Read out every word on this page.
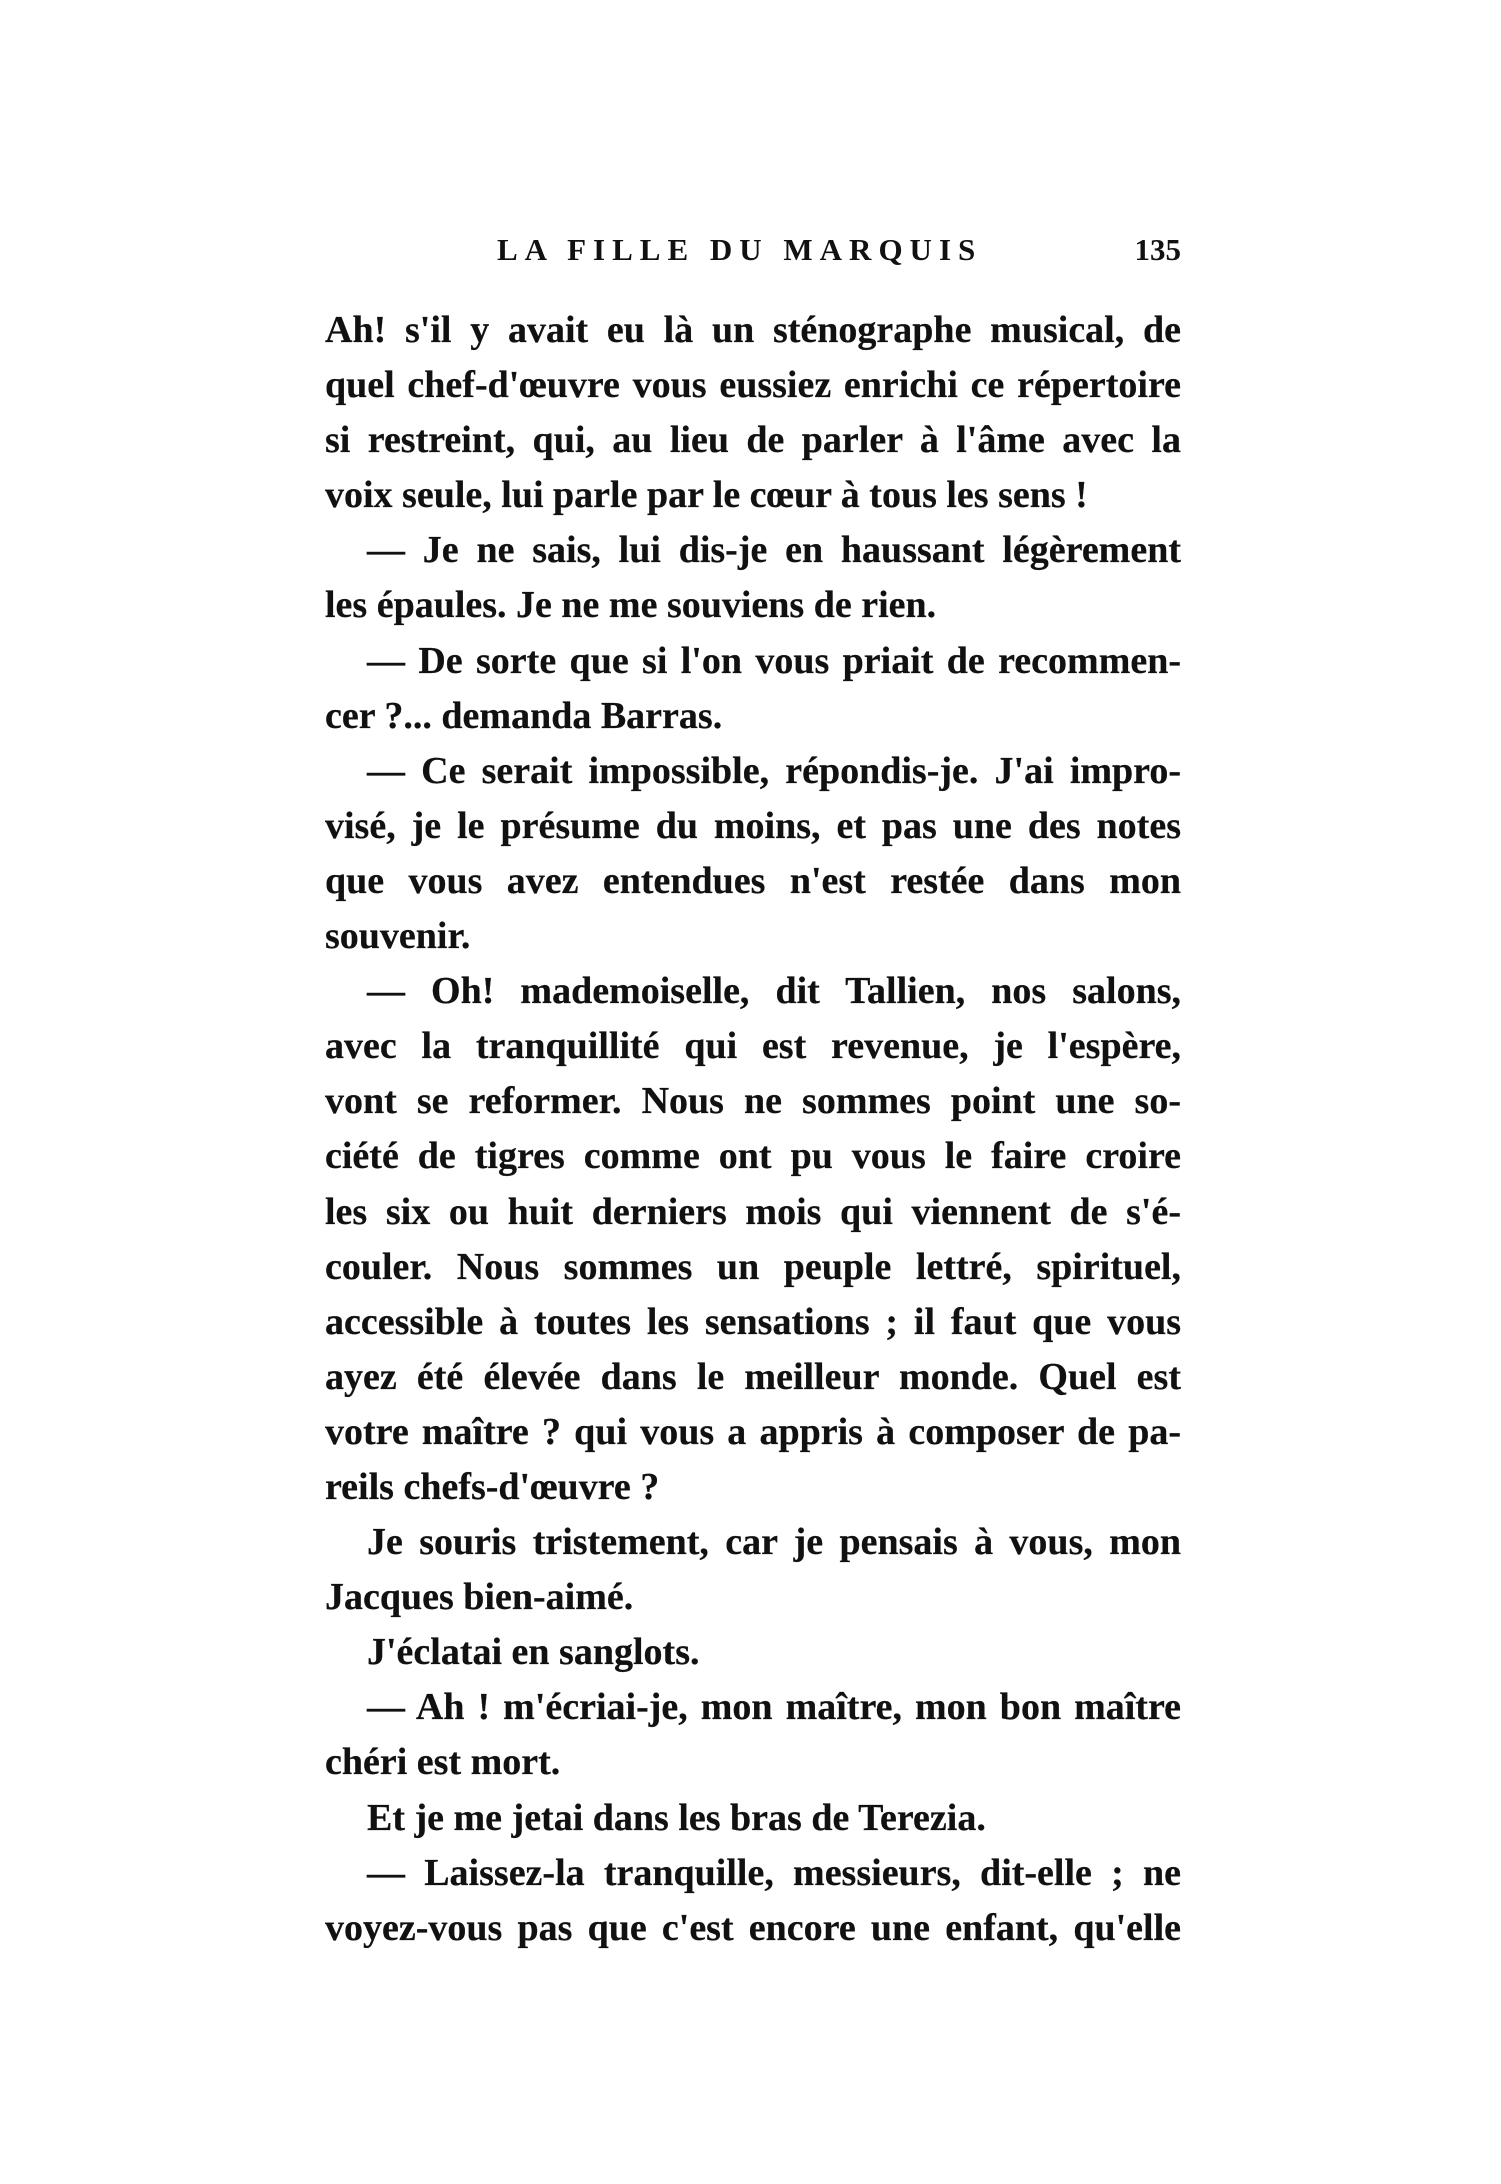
LA FILLE DU MARQUIS	135
Ah! s'il y avait eu là un sténographe musical, de
quel chef-d'œuvre vous eussiez enrichi ce répertoire
si restreint, qui, au lieu de parler à l'âme avec la
voix seule, lui parle par le cœur à tous les sens !
— Je ne sais, lui dis-je en haussant légèrement
les épaules. Je ne me souviens de rien.
— De sorte que si l'on vous priait de recommen-
cer ?... demanda Barras.
— Ce serait impossible, répondis-je. J'ai impro-
visé, je le présume du moins, et pas une des notes
que vous avez entendues n'est restée dans mon
souvenir.
— Oh! mademoiselle, dit Tallien, nos salons,
avec la tranquillité qui est revenue, je l'espère,
vont se reformer. Nous ne sommes point une so-
ciété de tigres comme ont pu vous le faire croire
les six ou huit derniers mois qui viennent de s'é-
couler. Nous sommes un peuple lettré, spirituel,
accessible à toutes les sensations ; il faut que vous
ayez été élevée dans le meilleur monde. Quel est
votre maître ? qui vous a appris à composer de pa-
reils chefs-d'œuvre ?
Je souris tristement, car je pensais à vous, mon
Jacques bien-aimé.
J'éclatai en sanglots.
— Ah ! m'écriai-je, mon maître, mon bon maître
chéri est mort.
Et je me jetai dans les bras de Terezia.
— Laissez-la tranquille, messieurs, dit-elle ; ne
voyez-vous pas que c'est encore une enfant, qu'elle
